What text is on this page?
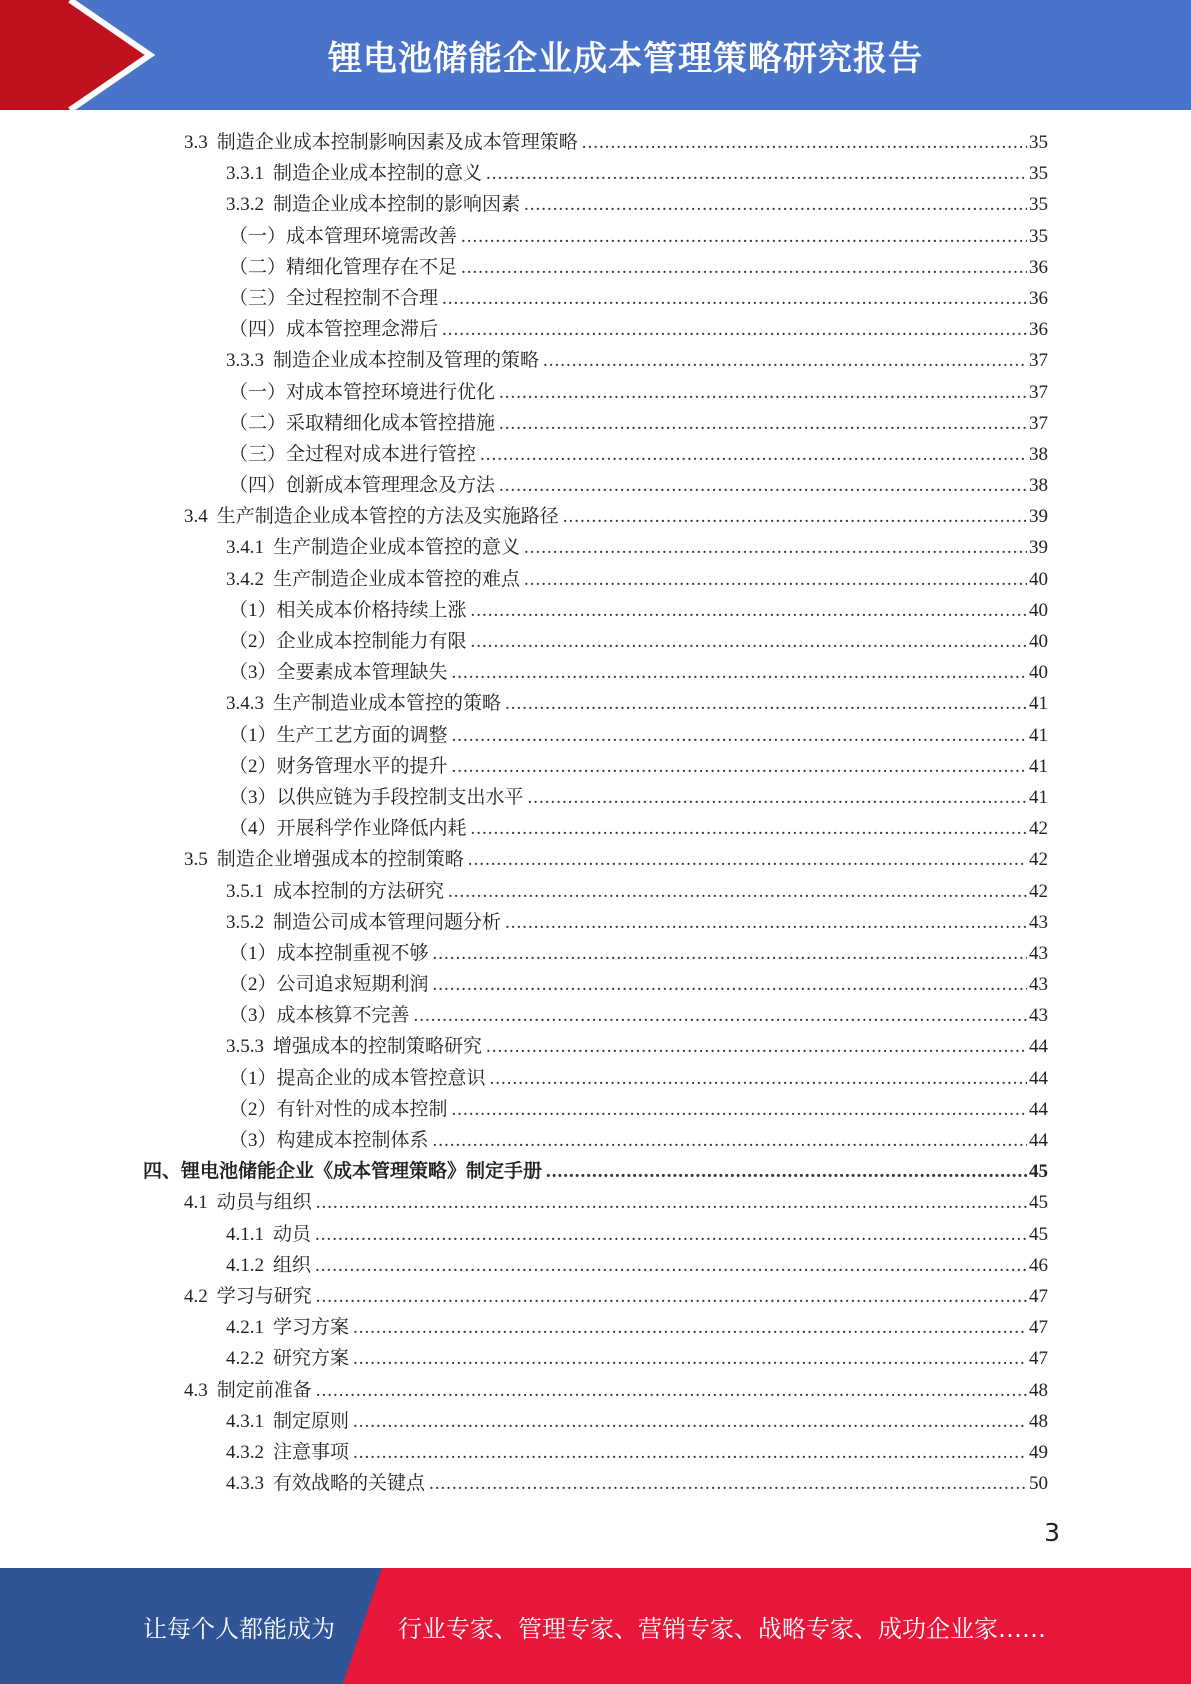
锂电池储能企业成本管理策略研究报告
3.3 制造企业成本控制影响因素及成本管理策略 .....	35
3.3.1 制造企业成本控制的意义 .....	35
3.3.2 制造企业成本控制的影响因素 .....	35
（一）成本管理环境需改善 .....	35
（二）精细化管理存在不足 .....	36
（三）全过程控制不合理 .....	36
（四）成本管控理念滞后 .....	36
3.3.3 制造企业成本控制及管理的策略 .....	37
（一）对成本管控环境进行优化 .....	37
（二）采取精细化成本管控措施 .....	37
（三）全过程对成本进行管控 .....	38
（四）创新成本管理理念及方法 .....	38
3.4 生产制造企业成本管控的方法及实施路径 .....	39
3.4.1 生产制造企业成本管控的意义 .....	39
3.4.2 生产制造企业成本管控的难点 .....	40
（1）相关成本价格持续上涨 .....	40
（2）企业成本控制能力有限 .....	40
（3）全要素成本管理缺失 .....	40
3.4.3 生产制造业成本管控的策略 .....	41
（1）生产工艺方面的调整 .....	41
（2）财务管理水平的提升 .....	41
（3）以供应链为手段控制支出水平 .....	41
（4）开展科学作业降低内耗 .....	42
3.5 制造企业增强成本的控制策略 .....	42
3.5.1 成本控制的方法研究 .....	42
3.5.2 制造公司成本管理问题分析 .....	43
（1）成本控制重视不够 .....	43
（2）公司追求短期利润 .....	43
（3）成本核算不完善 .....	43
3.5.3 增强成本的控制策略研究 .....	44
（1）提高企业的成本管控意识 .....	44
（2）有针对性的成本控制 .....	44
（3）构建成本控制体系 .....	44
四、锂电池储能企业《成本管理策略》制定手册 .....	45
4.1 动员与组织 .....	45
4.1.1 动员 .....	45
4.1.2 组织 .....	46
4.2 学习与研究 .....	47
4.2.1 学习方案 .....	47
4.2.2 研究方案 .....	47
4.3 制定前准备 .....	48
4.3.1 制定原则 .....	48
4.3.2 注意事项 .....	49
4.3.3 有效战略的关键点 .....	50
3
让每个人都能成为	行业专家、管理专家、营销专家、战略专家、成功企业家……
